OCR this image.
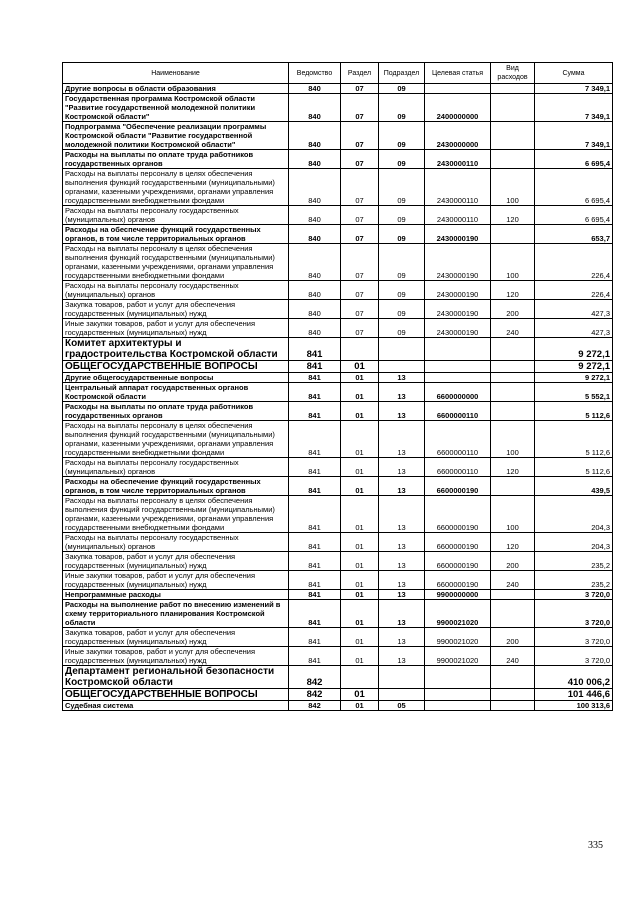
Наименование	Ведомство	Раздел	Подраздел	Целевая статья	Вид расходов	Сумма
Другие вопросы в области образования	840	07	09			7 349,1
Государственная программа Костромской области "Развитие государственной молодежной политики Костромской области"	840	07	09	2400000000		7 349,1
Подпрограмма "Обеспечение реализации программы Костромской области "Развитие государственной молодежной политики Костромской области"	840	07	09	2430000000		7 349,1
Расходы на выплаты по оплате труда работников государственных органов	840	07	09	2430000110		6 695,4
Расходы на выплаты персоналу в целях обеспечения выполнения функций государственными (муниципальными) органами, казенными учреждениями, органами управления государственными внебюджетными фондами	840	07	09	2430000110	100	6 695,4
Расходы на выплаты персоналу государственных (муниципальных) органов	840	07	09	2430000110	120	6 695,4
Расходы на обеспечение функций государственных органов, в том числе территориальных органов	840	07	09	2430000190		653,7
Расходы на выплаты персоналу в целях обеспечения выполнения функций государственными (муниципальными) органами, казенными учреждениями, органами управления государственными внебюджетными фондами	840	07	09	2430000190	100	226,4
Расходы на выплаты персоналу государственных (муниципальных) органов	840	07	09	2430000190	120	226,4
Закупка товаров, работ и услуг для обеспечения государственных (муниципальных) нужд	840	07	09	2430000190	200	427,3
Иные закупки товаров, работ и услуг для обеспечения государственных (муниципальных) нужд	840	07	09	2430000190	240	427,3
Комитет архитектуры и градостроительства Костромской области	841					9 272,1
ОБЩЕГОСУДАРСТВЕННЫЕ ВОПРОСЫ	841	01				9 272,1
Другие общегосударственные вопросы	841	01	13			9 272,1
Центральный аппарат государственных органов Костромской области	841	01	13	6600000000		5 552,1
Расходы на выплаты по оплате труда работников государственных органов	841	01	13	6600000110		5 112,6
Расходы на выплаты персоналу в целях обеспечения выполнения функций государственными (муниципальными) органами, казенными учреждениями, органами управления государственными внебюджетными фондами	841	01	13	6600000110	100	5 112,6
Расходы на выплаты персоналу государственных (муниципальных) органов	841	01	13	6600000110	120	5 112,6
Расходы на обеспечение функций государственных органов, в том числе территориальных органов	841	01	13	6600000190		439,5
Расходы на выплаты персоналу в целях обеспечения выполнения функций государственными (муниципальными) органами, казенными учреждениями, органами управления государственными внебюджетными фондами	841	01	13	6600000190	100	204,3
Расходы на выплаты персоналу государственных (муниципальных) органов	841	01	13	6600000190	120	204,3
Закупка товаров, работ и услуг для обеспечения государственных (муниципальных) нужд	841	01	13	6600000190	200	235,2
Иные закупки товаров, работ и услуг для обеспечения государственных (муниципальных) нужд	841	01	13	6600000190	240	235,2
Непрограммные расходы	841	01	13	9900000000		3 720,0
Расходы на выполнение работ по внесению изменений в схему территориального планирования Костромской области	841	01	13	9900021020		3 720,0
Закупка товаров, работ и услуг для обеспечения государственных (муниципальных) нужд	841	01	13	9900021020	200	3 720,0
Иные закупки товаров, работ и услуг для обеспечения государственных (муниципальных) нужд	841	01	13	9900021020	240	3 720,0
Департамент региональной безопасности Костромской области	842					410 006,2
ОБЩЕГОСУДАРСТВЕННЫЕ ВОПРОСЫ	842	01				101 446,6
Судебная система	842	01	05			100 313,6
335
